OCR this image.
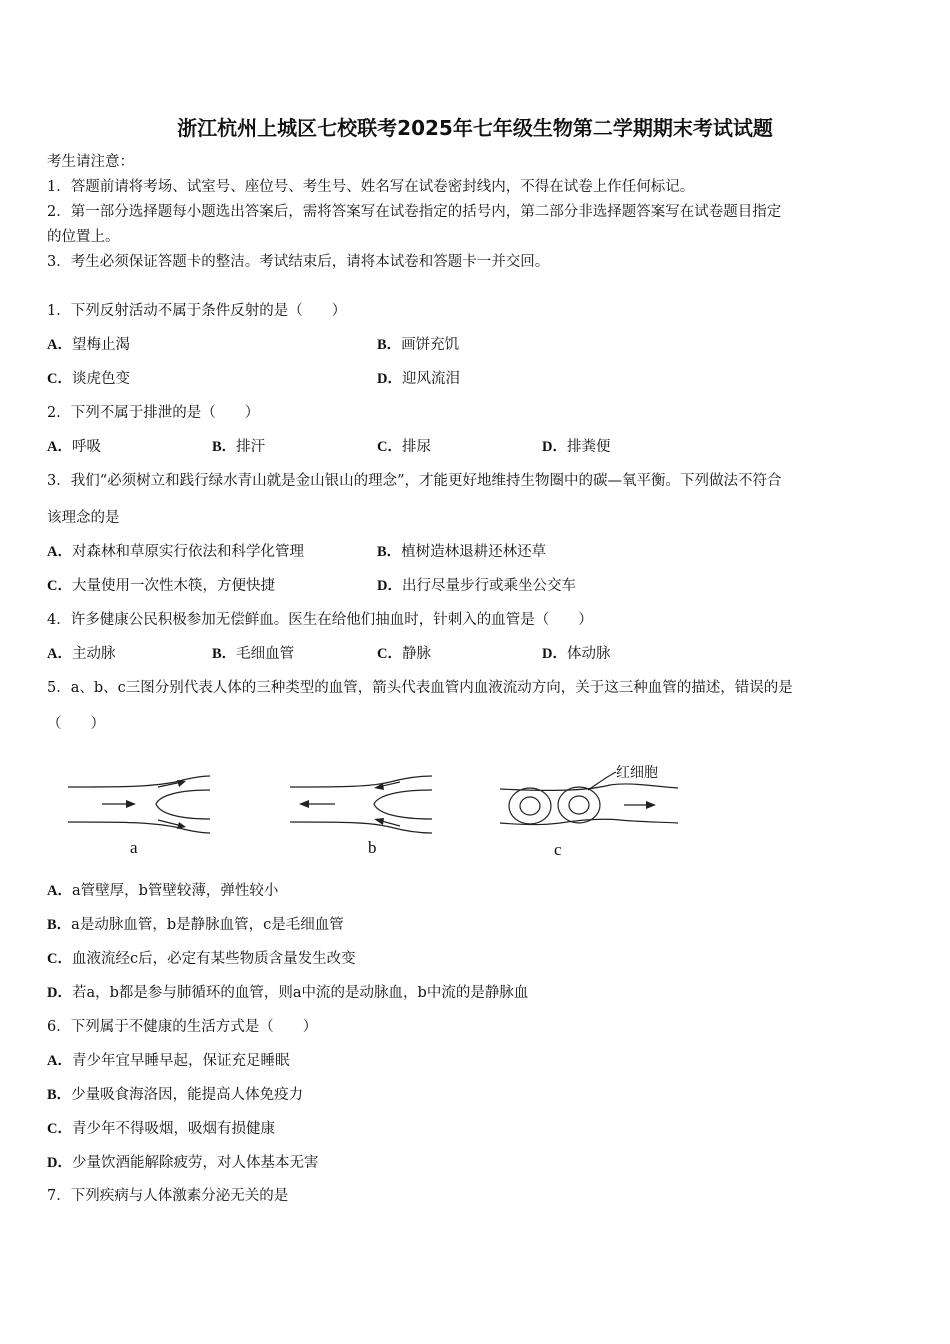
浙江杭州上城区七校联考2025年七年级生物第二学期期末考试试题
考生请注意：
1．答题前请将考场、试室号、座位号、考生号、姓名写在试卷密封线内，不得在试卷上作任何标记。
2．第一部分选择题每小题选出答案后，需将答案写在试卷指定的括号内，第二部分非选择题答案写在试卷题目指定
的位置上。
3．考生必须保证答题卡的整洁。考试结束后，请将本试卷和答题卡一并交回。
1．下列反射活动不属于条件反射的是（　　）
A．望梅止渴	B．画饼充饥
C．谈虎色变	D．迎风流泪
2．下列不属于排泄的是（　　）
A．呼吸	B．排汗	C．排尿	D．排粪便
3．我们“必须树立和践行绿水青山就是金山银山的理念”，才能更好地维持生物圈中的碳—氧平衡。下列做法不符合
该理念的是
A．对森林和草原实行依法和科学化管理	B．植树造林退耕还林还草
C．大量使用一次性木筷，方便快捷	D．出行尽量步行或乘坐公交车
4．许多健康公民积极参加无偿鲜血。医生在给他们抽血时，针刺入的血管是（　　）
A．主动脉	B．毛细血管	C．静脉	D．体动脉
5．a、b、c三图分别代表人体的三种类型的血管，箭头代表血管内血液流动方向，关于这三种血管的描述，错误的是
（　　）
a	b	c
红细胞
A．a管壁厚，b管壁较薄，弹性较小
B．a是动脉血管，b是静脉血管，c是毛细血管
C．血液流经c后，必定有某些物质含量发生改变
D．若a，b都是参与肺循环的血管，则a中流的是动脉血，b中流的是静脉血
6．下列属于不健康的生活方式是（　　）
A．青少年宜早睡早起，保证充足睡眠
B．少量吸食海洛因，能提高人体免疫力
C．青少年不得吸烟，吸烟有损健康
D．少量饮酒能解除疲劳，对人体基本无害
7．下列疾病与人体激素分泌无关的是
